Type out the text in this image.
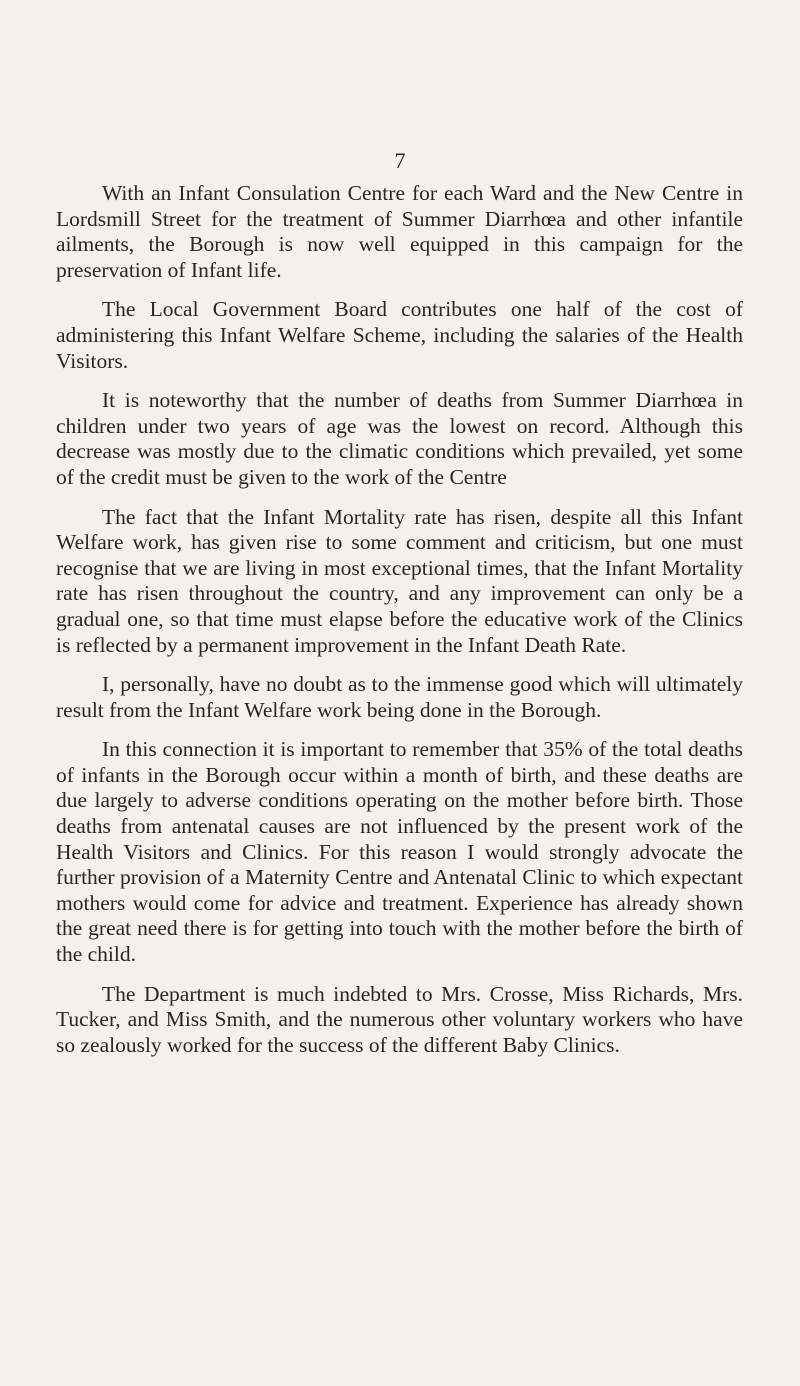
7

With an Infant Consulation Centre for each Ward and the New Centre in Lordsmill Street for the treatment of Summer Diarrhœa and other infantile ailments, the Borough is now well equipped in this campaign for the preservation of Infant life.

The Local Government Board contributes one half of the cost of administering this Infant Welfare Scheme, including the salaries of the Health Visitors.

It is noteworthy that the number of deaths from Summer Diarrhœa in children under two years of age was the lowest on record. Although this decrease was mostly due to the climatic conditions which prevailed, yet some of the credit must be given to the work of the Centre

The fact that the Infant Mortality rate has risen, despite all this Infant Welfare work, has given rise to some comment and criticism, but one must recognise that we are living in most exceptional times, that the Infant Mortality rate has risen throughout the country, and any improvement can only be a gradual one, so that time must elapse before the educative work of the Clinics is reflected by a permanent improvement in the Infant Death Rate.

I, personally, have no doubt as to the immense good which will ultimately result from the Infant Welfare work being done in the Borough.

In this connection it is important to remember that 35% of the total deaths of infants in the Borough occur within a month of birth, and these deaths are due largely to adverse conditions operating on the mother before birth. Those deaths from antenatal causes are not influenced by the present work of the Health Visitors and Clinics. For this reason I would strongly advocate the further provision of a Maternity Centre and Antenatal Clinic to which expectant mothers would come for advice and treatment. Experience has already shown the great need there is for getting into touch with the mother before the birth of the child.

The Department is much indebted to Mrs. Crosse, Miss Richards, Mrs. Tucker, and Miss Smith, and the numerous other voluntary workers who have so zealously worked for the success of the different Baby Clinics.
